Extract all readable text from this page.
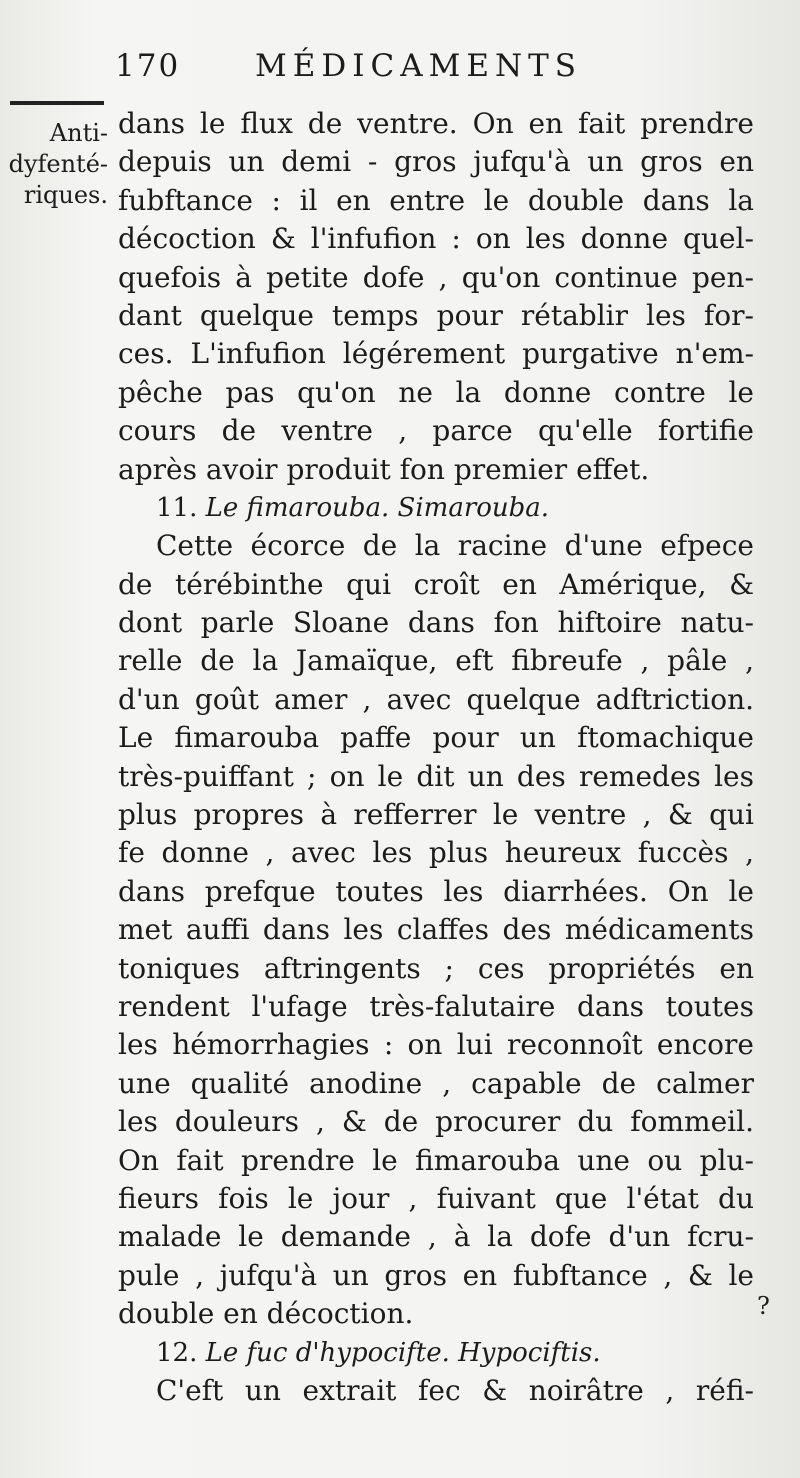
170 MÉDICAMENTS
Anti-
dyfenté-
riques.
dans le flux de ventre. On en fait prendre
depuis un demi - gros jufqu'à un gros en
fubftance : il en entre le double dans la
décoction & l'infufion : on les donne quel-
quefois à petite dofe , qu'on continue pen-
dant quelque temps pour rétablir les for-
ces. L'infufion légérement purgative n'em-
pêche pas qu'on ne la donne contre le
cours de ventre , parce qu'elle fortifie
après avoir produit fon premier effet.
11. Le fimarouba. Simarouba.
Cette écorce de la racine d'une efpece
de térébinthe qui croît en Amérique, &
dont parle Sloane dans fon hiftoire natu-
relle de la Jamaïque, eft fibreufe , pâle ,
d'un goût amer , avec quelque adftriction.
Le fimarouba paffe pour un ftomachique
très-puiffant ; on le dit un des remedes les
plus propres à refferrer le ventre , & qui
fe donne , avec les plus heureux fuccès ,
dans prefque toutes les diarrhées. On le
met auffi dans les claffes des médicaments
toniques aftringents ; ces propriétés en
rendent l'ufage très-falutaire dans toutes
les hémorrhagies : on lui reconnoît encore
une qualité anodine , capable de calmer
les douleurs , & de procurer du fommeil.
On fait prendre le fimarouba une ou plu-
fieurs fois le jour , fuivant que l'état du
malade le demande , à la dofe d'un fcru-
pule , jufqu'à un gros en fubftance , & le
double en décoction.
12. Le fuc d'hypocifte. Hypociftis.
C'eft un extrait fec & noirâtre , réfi-
?
